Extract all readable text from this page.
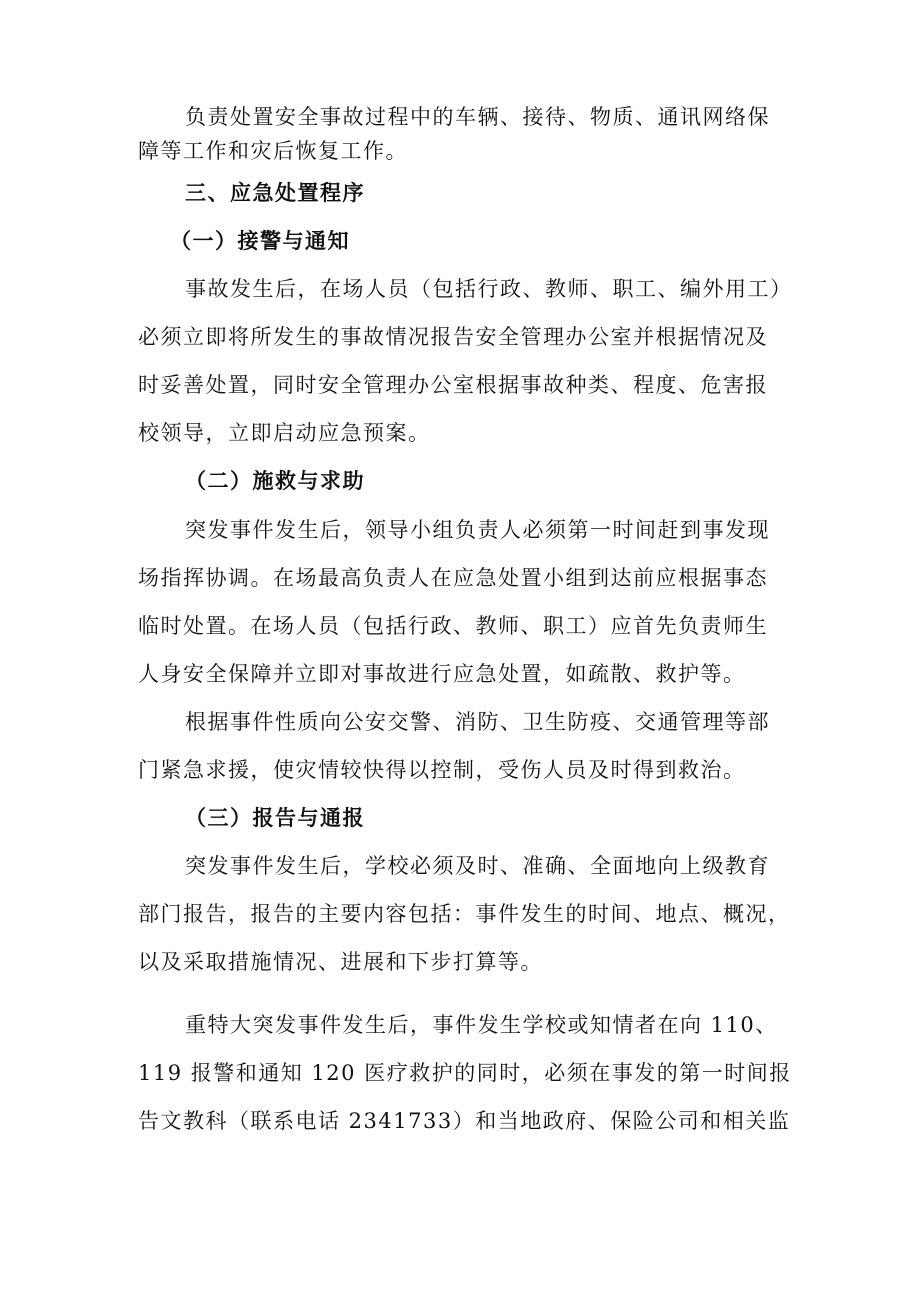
负责处置安全事故过程中的车辆、接待、物质、通讯网络保
障等工作和灾后恢复工作。
三、应急处置程序
（一）接警与通知
事故发生后，在场人员（包括行政、教师、职工、编外用工）
必须立即将所发生的事故情况报告安全管理办公室并根据情况及
时妥善处置，同时安全管理办公室根据事故种类、程度、危害报
校领导，立即启动应急预案。
（二）施救与求助
突发事件发生后，领导小组负责人必须第一时间赶到事发现
场指挥协调。在场最高负责人在应急处置小组到达前应根据事态
临时处置。在场人员（包括行政、教师、职工）应首先负责师生
人身安全保障并立即对事故进行应急处置，如疏散、救护等。
根据事件性质向公安交警、消防、卫生防疫、交通管理等部
门紧急求援，使灾情较快得以控制，受伤人员及时得到救治。
（三）报告与通报
突发事件发生后，学校必须及时、准确、全面地向上级教育
部门报告，报告的主要内容包括：事件发生的时间、地点、概况，
以及采取措施情况、进展和下步打算等。
重特大突发事件发生后，事件发生学校或知情者在向 110、
119 报警和通知 120 医疗救护的同时，必须在事发的第一时间报
告文教科（联系电话 2341733）和当地政府、保险公司和相关监
